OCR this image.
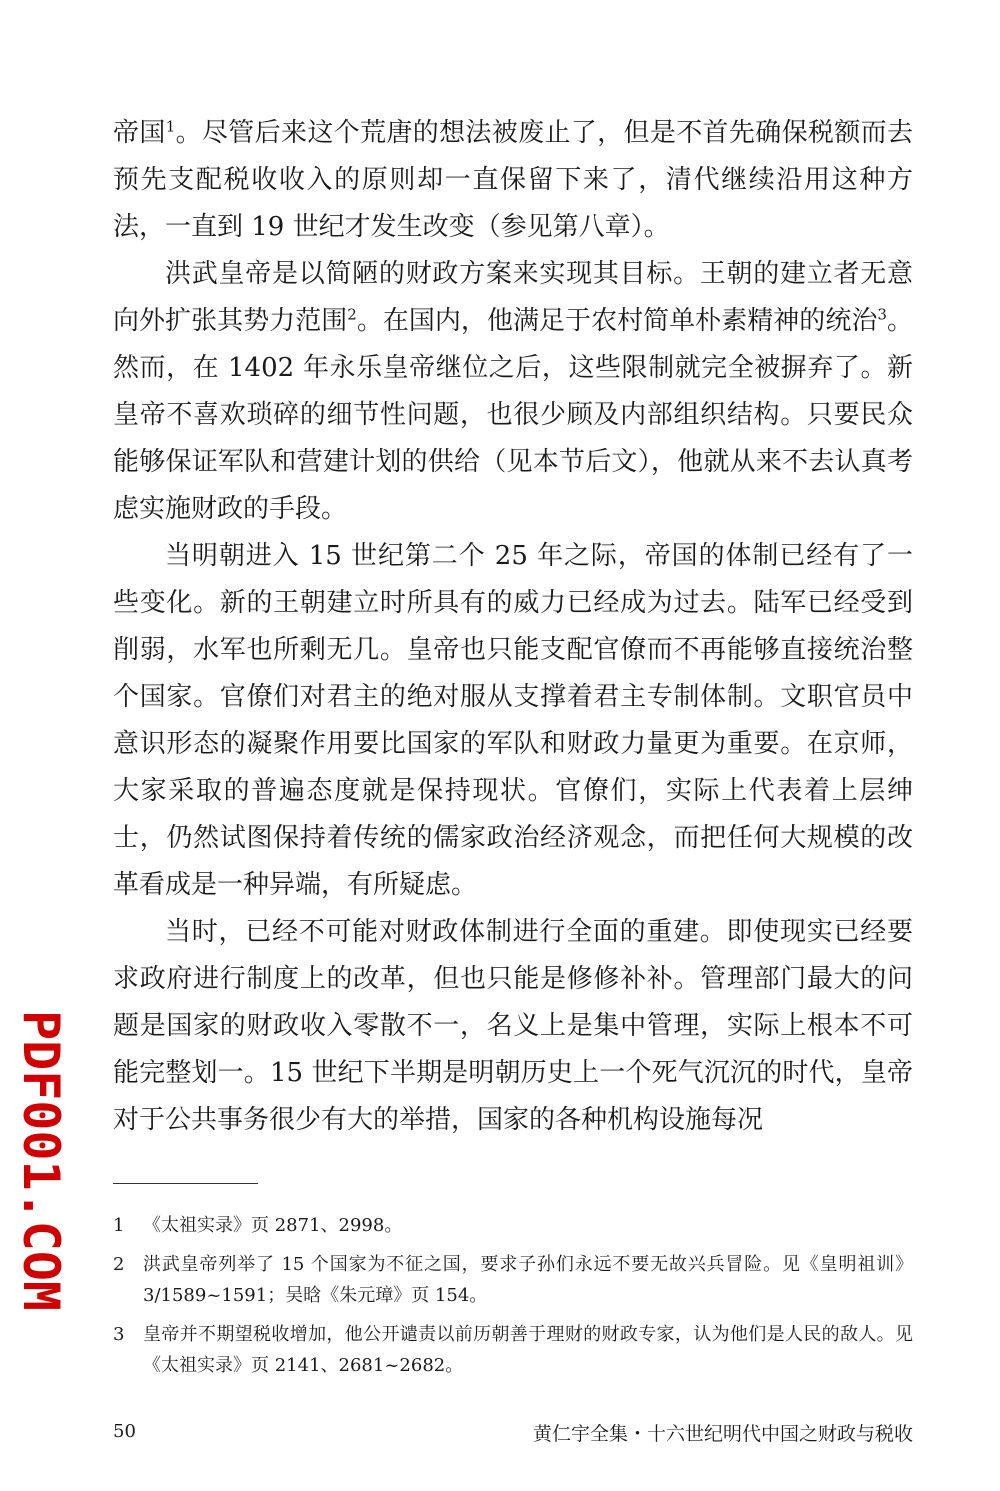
帝国$^1$。尽管后来这个荒唐的想法被废止了，但是不首先确保税额而去预先支配税收收入的原则却一直保留下来了，清代继续沿用这种方法，一直到 19 世纪才发生改变（参见第八章）。

洪武皇帝是以简陋的财政方案来实现其目标。王朝的建立者无意向外扩张其势力范围$^2$。在国内，他满足于农村简单朴素精神的统治$^3$。然而，在 1402 年永乐皇帝继位之后，这些限制就完全被摒弃了。新皇帝不喜欢琐碎的细节性问题，也很少顾及内部组织结构。只要民众能够保证军队和营建计划的供给（见本节后文），他就从来不去认真考虑实施财政的手段。

当明朝进入 15 世纪第二个 25 年之际，帝国的体制已经有了一些变化。新的王朝建立时所具有的威力已经成为过去。陆军已经受到削弱，水军也所剩无几。皇帝也只能支配官僚而不再能够直接统治整个国家。官僚们对君主的绝对服从支撑着君主专制体制。文职官员中意识形态的凝聚作用要比国家的军队和财政力量更为重要。在京师，大家采取的普遍态度就是保持现状。官僚们，实际上代表着上层绅士，仍然试图保持着传统的儒家政治经济观念，而把任何大规模的改革看成是一种异端，有所疑虑。

当时，已经不可能对财政体制进行全面的重建。即使现实已经要求政府进行制度上的改革，但也只能是修修补补。管理部门最大的问题是国家的财政收入零散不一，名义上是集中管理，实际上根本不可能完整划一。15 世纪下半期是明朝历史上一个死气沉沉的时代，皇帝对于公共事务很少有大的举措，国家的各种机构设施每况

1 《太祖实录》页 2871、2998。
2 洪武皇帝列举了 15 个国家为不征之国，要求子孙们永远不要无故兴兵冒险。见《皇明祖训》3/1589~1591；吴晗《朱元璋》页 154。
3 皇帝并不期望税收增加，他公开谴责以前历朝善于理财的财政专家，认为他们是人民的敌人。见《太祖实录》页 2141、2681~2682。
50	黄仁宇全集・十六世纪明代中国之财政与税收
PDF001.COM
